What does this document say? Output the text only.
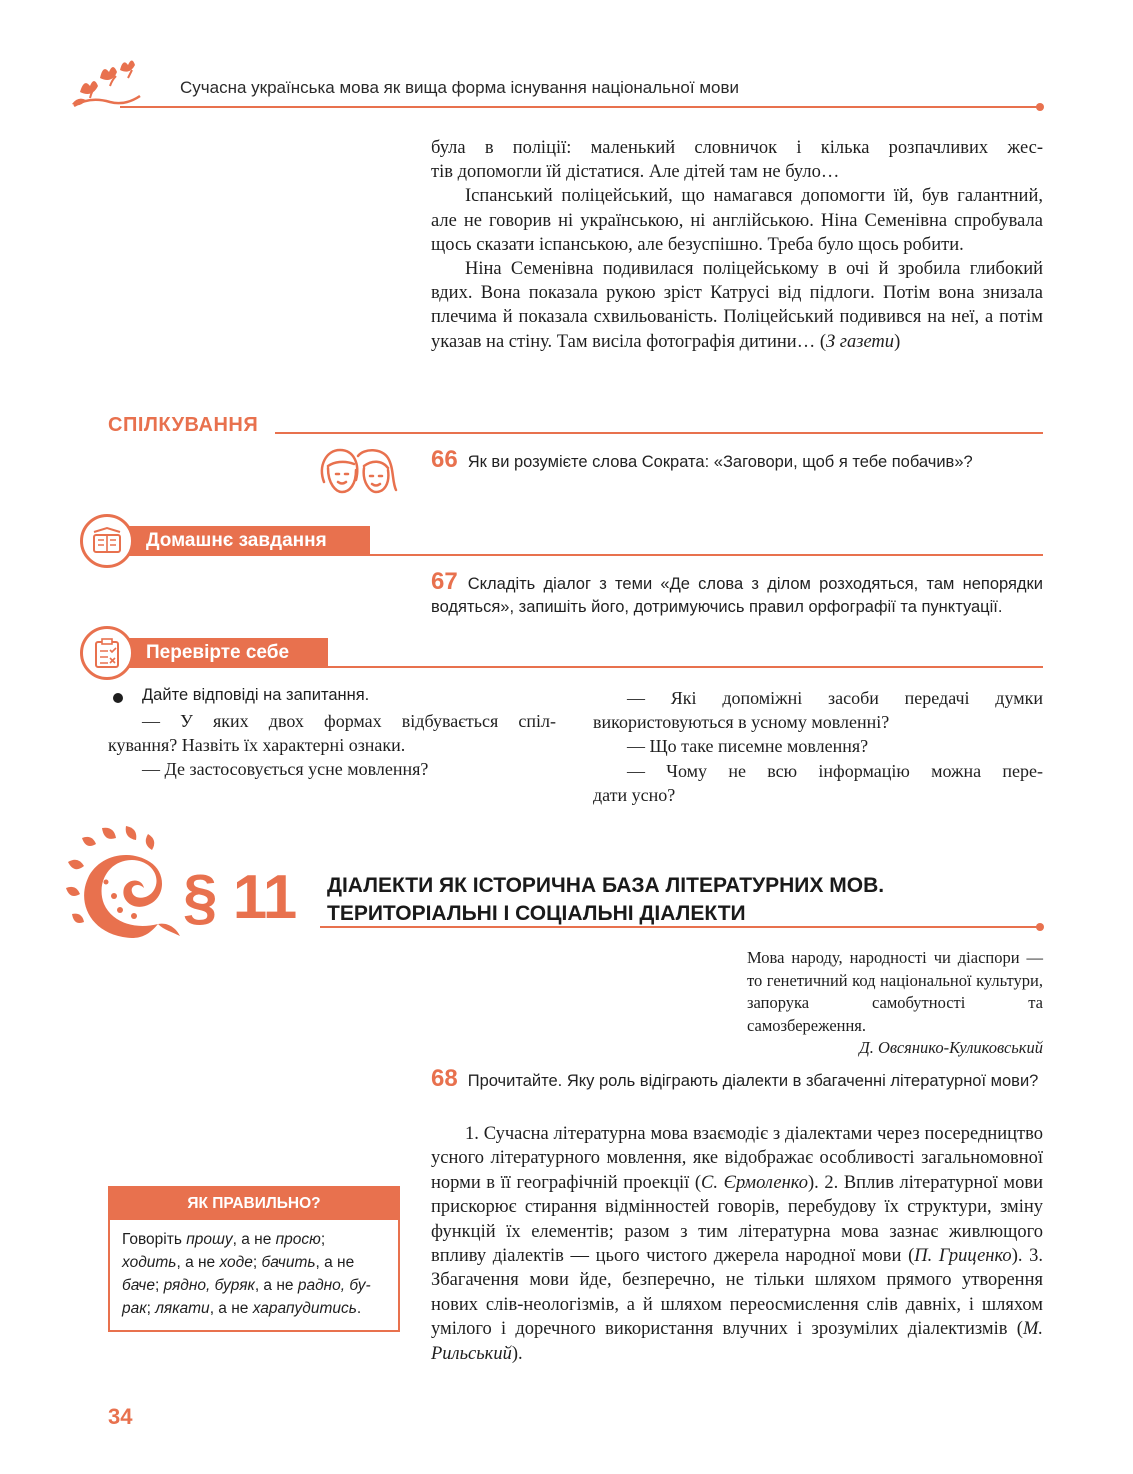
Сучасна українська мова як вища форма існування національної мови

була в поліції: маленький словничок і кілька розпачливих жес-

тів допомогли їй дістатися. Але дітей там не було…

Іспанський поліцейський, що намагався допомогти їй, був галантний, але не говорив ні українською, ні англійською. Ніна Семенівна спробувала щось сказати іспанською, але безуспішно. Треба було щось робити.

Ніна Семенівна подивилася поліцейському в очі й зробила глибокий вдих. Вона показала рукою зріст Катрусі від підлоги. Потім вона знизала плечима й показала схвильованість. Поліцейський подивився на неї, а потім указав на стіну. Там висіла фотографія дитини… (З газети)

СПІЛКУВАННЯ
66 Як ви розумієте слова Сократа: «Заговори, щоб я тебе побачив»?
Домашнє завдання
67 Складіть діалог з теми «Де слова з ділом розходяться, там непорядки
водяться», запишіть його, дотримуючись правил орфографії та пунктуації.
Перевірте себе
Дайте відповіді на запитання.

— У яких двох формах відбувається спіл-

кування? Назвіть їх характерні ознаки.

— Де застосовується усне мовлення?

— Які допоміжні засоби передачі думки

використовуються в усному мовленні?

— Що таке писемне мовлення?

— Чому не всю інформацію можна пере-

дати усно?

§ 11 ДІАЛЕКТИ ЯК ІСТОРИЧНА БАЗА ЛІТЕРАТУРНИХ МОВ.
ТЕРИТОРІАЛЬНІ І СОЦІАЛЬНІ ДІАЛЕКТИ

Мова народу, народності чи діаспори — то генетичний код національної культури, запорука самобутності та самозбереження.

Д. Овсянико-Куликовський

68 Прочитайте. Яку роль відіграють діалекти в збагаченні літературної мови?

1. Сучасна літературна мова взаємодіє з діалектами через посередництво усного літературного мовлення, яке відображає особливості загальномовної норми в її географічній проекції (С. Єрмоленко). 2. Вплив літературної мови прискорює стирання відмінностей говорів, перебудову їх структури, зміну функцій їх елементів; разом з тим літературна мова зазнає живлющого впливу діалектів — цього чистого джерела народної мови (П. Гриценко). 3. Збагачення мови йде, безперечно, не тільки шляхом прямого утворення нових слів-неологізмів, а й шляхом переосмислення слів давніх, і шляхом умілого і доречного використання влучних і зрозумілих діалектизмів (М. Рильський).

ЯК ПРАВИЛЬНО?
Говоріть прошу, а не просю; ходить, а не ходе; бачить, а не баче; рядно, буряк, а не радно, бурак; лякати, а не харапудитись.
34
